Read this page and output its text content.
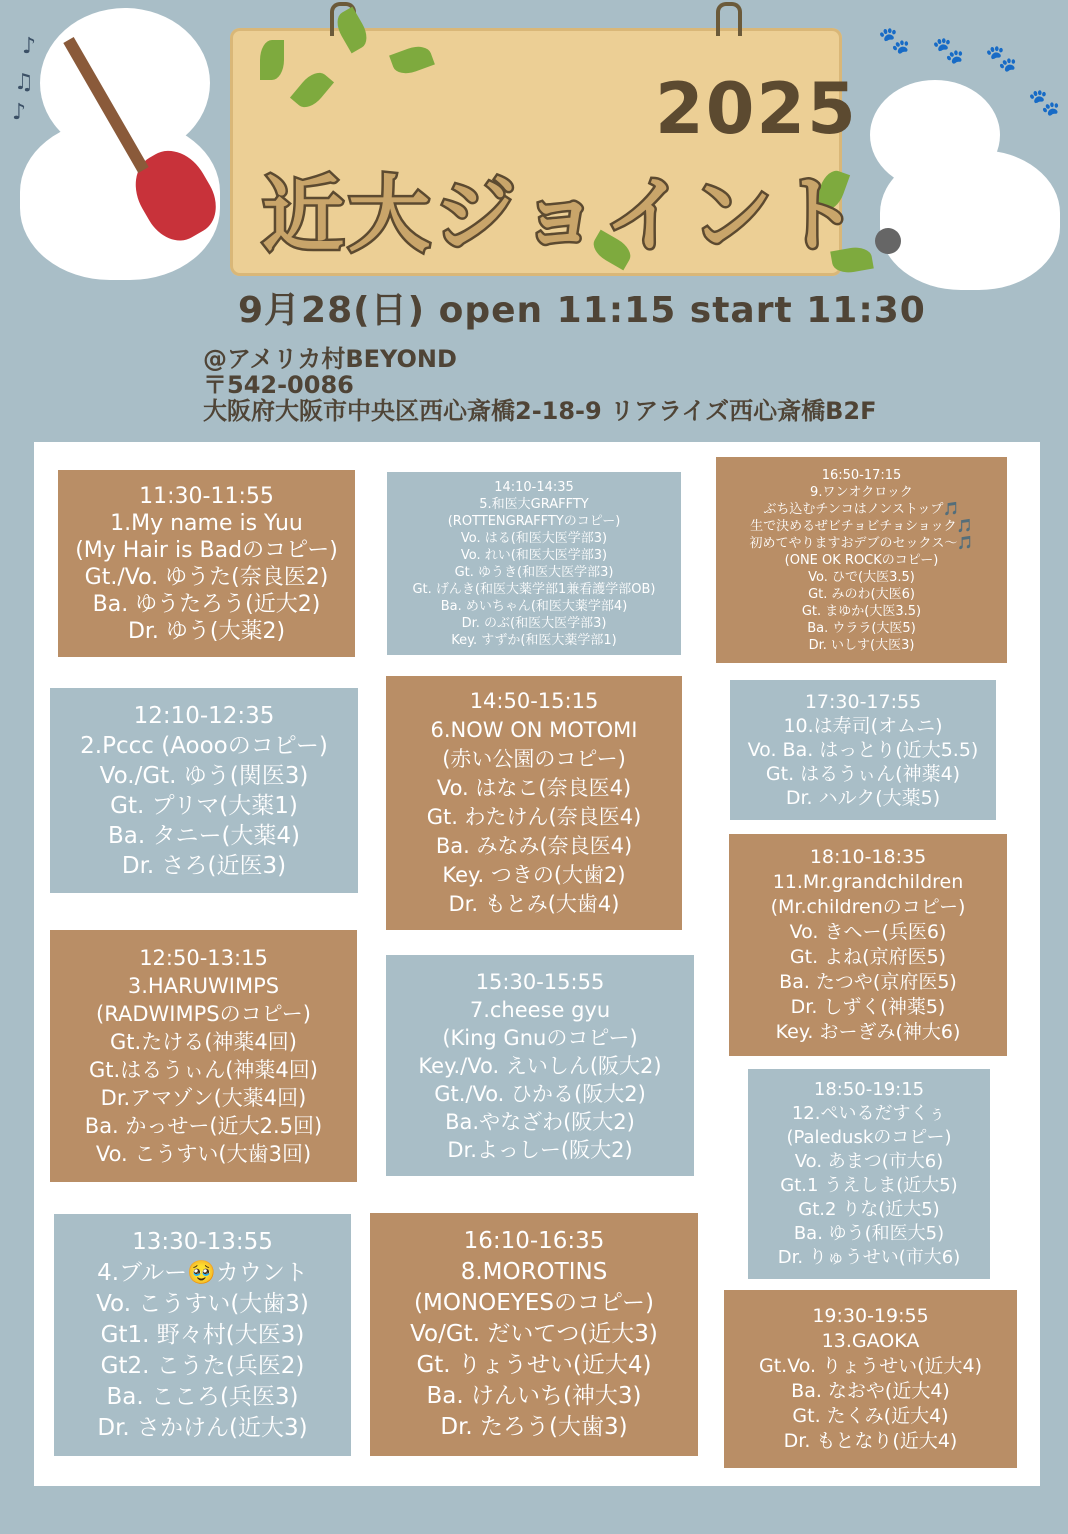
♪
♫
♪	2025
近大ジョイント
🐾 🐾 🐾
🐾
9月28(日) open 11:15 start 11:30
@アメリカ村BEYOND
〒542-0086
大阪府大阪市中央区西心斎橋2-18-9 リアライズ西心斎橋B2F
11:30-11:55
1.My name is Yuu
(My Hair is Badのコピー)
Gt./Vo. ゆうた(奈良医2)
Ba. ゆうたろう(近大2)
Dr. ゆう(大薬2)
12:10-12:35
2.Pccc (Aoooのコピー)
Vo./Gt. ゆう(関医3)
Gt. プリマ(大薬1)
Ba. タニー(大薬4)
Dr. さろ(近医3)
12:50-13:15
3.HARUWIMPS
(RADWIMPSのコピー)
Gt.たける(神薬4回)
Gt.はるうぃん(神薬4回)
Dr.アマゾン(大薬4回)
Ba. かっせー(近大2.5回)
Vo. こうすい(大歯3回)
13:30-13:55
4.ブルー🥹カウント
Vo. こうすい(大歯3)
Gt1. 野々村(大医3)
Gt2. こうた(兵医2)
Ba. こころ(兵医3)
Dr. さかけん(近大3)
14:10-14:35
5.和医大GRAFFTY
(ROTTENGRAFFTYのコピー)
Vo. はる(和医大医学部3)
Vo. れい(和医大医学部3)
Gt. ゆうき(和医大医学部3)
Gt. げんき(和医大薬学部1兼看護学部OB)
Ba. めいちゃん(和医大薬学部4)
Dr. のぶ(和医大医学部3)
Key. すずか(和医大薬学部1)
14:50-15:15
6.NOW ON MOTOMI
(赤い公園のコピー)
Vo. はなこ(奈良医4)
Gt. わたけん(奈良医4)
Ba. みなみ(奈良医4)
Key. つきの(大歯2)
Dr. もとみ(大歯4)
15:30-15:55
7.cheese gyu
(King Gnuのコピー)
Key./Vo. えいしん(阪大2)
Gt./Vo. ひかる(阪大2)
Ba.やなざわ(阪大2)
Dr.よっしー(阪大2)
16:10-16:35
8.MOROTINS
(MONOEYESのコピー)
Vo/Gt. だいてつ(近大3)
Gt. りょうせい(近大4)
Ba. けんいち(神大3)
Dr. たろう(大歯3)
16:50-17:15
9.ワンオクロック
ぶち込むチンコはノンストップ🎵
生で決めるぜビチョビチョショック🎵
初めてやりますおデブのセックス〜🎵
(ONE OK ROCKのコピー)
Vo. ひで(大医3.5)
Gt. みのわ(大医6)
Gt. まゆか(大医3.5)
Ba. ウララ(大医5)
Dr. いしす(大医3)
17:30-17:55
10.は寿司(オムニ)
Vo. Ba. はっとり(近大5.5)
Gt. はるうぃん(神薬4)
Dr. ハルク(大薬5)
18:10-18:35
11.Mr.grandchildren
(Mr.childrenのコピー)
Vo. きへー(兵医6)
Gt. よね(京府医5)
Ba. たつや(京府医5)
Dr. しずく(神薬5)
Key. おーぎみ(神大6)
18:50-19:15
12.ぺいるだすくぅ
(Paleduskのコピー)
Vo. あまつ(市大6)
Gt.1 うえしま(近大5)
Gt.2 りな(近大5)
Ba. ゆう(和医大5)
Dr. りゅうせい(市大6)
19:30-19:55
13.GAOKA
Gt.Vo. りょうせい(近大4)
Ba. なおや(近大4)
Gt. たくみ(近大4)
Dr. もとなり(近大4)
